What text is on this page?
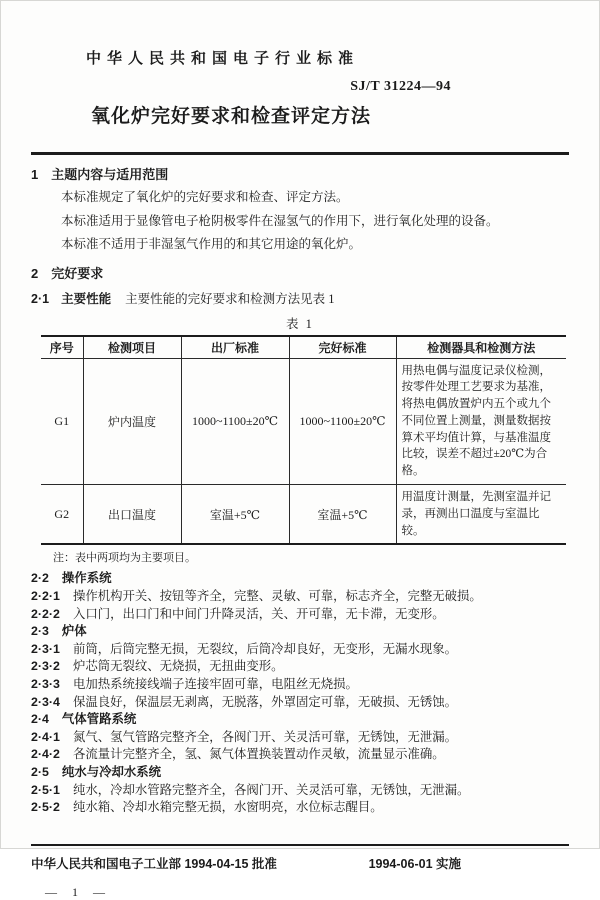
中华人民共和国电子行业标准
SJ/T 31224—94
氧化炉完好要求和检查评定方法
1 主题内容与适用范围
本标准规定了氧化炉的完好要求和检查、评定方法。
本标准适用于显像管电子枪阴极零件在湿氢气的作用下，进行氧化处理的设备。
本标准不适用于非湿氢气作用的和其它用途的氧化炉。
2 完好要求
2·1 主要性能 主要性能的完好要求和检测方法见表 1
表 1
序号	检测项目	出厂标准	完好标准	检测器具和检测方法
G1	炉内温度	1000~1100±20℃	1000~1100±20℃	用热电偶与温度记录仪检测，按零件处理工艺要求为基准，将热电偶放置炉内五个或九个不同位置上测量，测量数据按算术平均值计算，与基准温度比较，误差不超过±20℃为合格。
G2	出口温度	室温+5℃	室温+5℃	用温度计测量，先测室温并记录，再测出口温度与室温比较。
注：表中两项均为主要项目。
2·2 操作系统
2·2·1 操作机构开关、按钮等齐全，完整、灵敏、可靠，标志齐全，完整无破损。
2·2·2 入口门，出口门和中间门升降灵活，关、开可靠，无卡滞，无变形。
2·3 炉体
2·3·1 前筒，后筒完整无损，无裂纹，后筒冷却良好，无变形，无漏水现象。
2·3·2 炉芯筒无裂纹、无烧损，无扭曲变形。
2·3·3 电加热系统接线端子连接牢固可靠，电阻丝无烧损。
2·3·4 保温良好，保温层无剥离，无脱落，外罩固定可靠，无破损、无锈蚀。
2·4 气体管路系统
2·4·1 氮气、氢气管路完整齐全，各阀门开、关灵活可靠，无锈蚀，无泄漏。
2·4·2 各流量计完整齐全，氢、氮气体置换装置动作灵敏，流量显示准确。
2·5 纯水与冷却水系统
2·5·1 纯水，冷却水管路完整齐全，各阀门开、关灵活可靠，无锈蚀，无泄漏。
2·5·2 纯水箱、冷却水箱完整无损，水窗明亮，水位标志醒目。
中华人民共和国电子工业部 1994-04-15 批准	1994-06-01 实施
— 1 —
